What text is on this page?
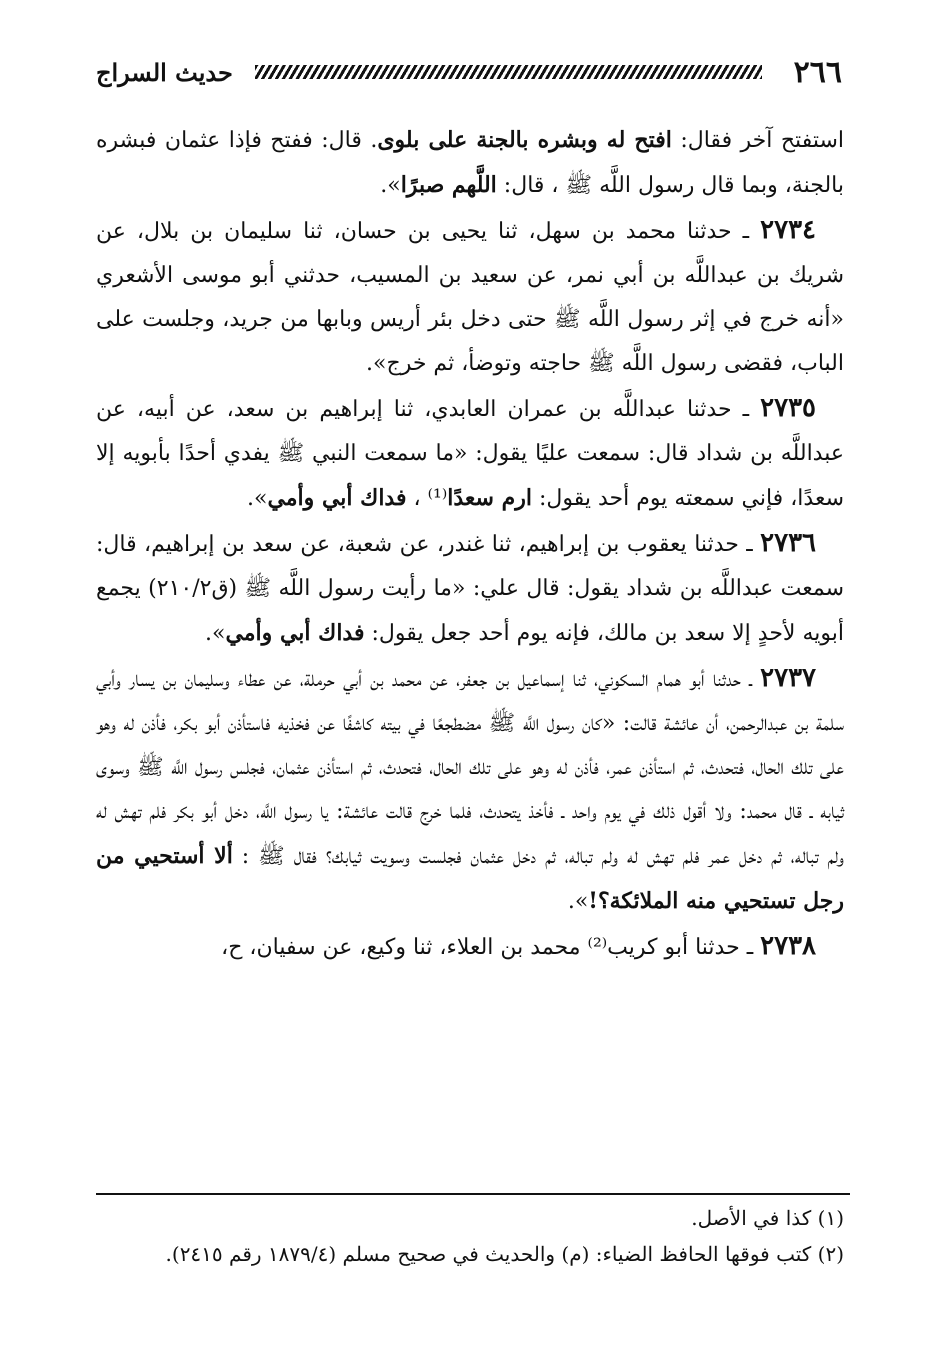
٢٦٦
حديث السراج

استفتح آخر فقال: افتح له وبشره بالجنة على بلوى. قال: ففتح فإذا عثمان فبشره بالجنة، وبما قال رسول اللَّه ﷺ ، قال: اللَّهم صبرًا».

٢٧٣٤ ـ حدثنا محمد بن سهل، ثنا يحيى بن حسان، ثنا سليمان بن بلال، عن شريك بن عبداللَّه بن أبي نمر، عن سعيد بن المسيب، حدثني أبو موسى الأشعري «أنه خرج في إثر رسول اللَّه ﷺ حتى دخل بئر أريس وبابها من جريد، وجلست على الباب، فقضى رسول اللَّه ﷺ حاجته وتوضأ، ثم خرج».

٢٧٣٥ ـ حدثنا عبداللَّه بن عمران العابدي، ثنا إبراهيم بن سعد، عن أبيه، عن عبداللَّه بن شداد قال: سمعت عليًا يقول: «ما سمعت النبي ﷺ يفدي أحدًا بأبويه إلا سعدًا، فإني سمعته يوم أحد يقول: ارم سعدًا⁽¹⁾ ، فداك أبي وأمي».

٢٧٣٦ ـ حدثنا يعقوب بن إبراهيم، ثنا غندر، عن شعبة، عن سعد بن إبراهيم، قال: سمعت عبداللَّه بن شداد يقول: قال علي: «ما رأيت رسول اللَّه ﷺ (ق٢١٠/٢) يجمع أبويه لأحدٍ إلا سعد بن مالك، فإنه يوم أحد جعل يقول: فداك أبي وأمي».

٢٧٣٧ ـ حدثنا أبو همام السكوني، ثنا إسماعيل بن جعفر، عن محمد بن أبي حرملة، عن عطاء وسليمان بن يسار وأبي سلمة بن عبدالرحمن، أن عائشة قالت: «كان رسول اللَّه ﷺ مضطجعًا في بيته كاشفًا عن فخذيه فاستأذن أبو بكر، فأذن له وهو على تلك الحال، فتحدث، ثم استأذن عمر، فأذن له وهو على تلك الحال، فتحدث، ثم استأذن عثمان، فجلس رسول اللَّه ﷺ وسوى ثيابه ـ قال محمد: ولا أقول ذلك في يوم واحد ـ فأخذ يتحدث، فلما خرج قالت عائشة: يا رسول اللَّه، دخل أبو بكر فلم تهش له ولم تباله، ثم دخل عمر فلم تهش له ولم تباله، ثم دخل عثمان فجلست وسويت ثيابك؟ فقال ﷺ : ألا أستحيي من رجل تستحيي منه الملائكة؟!».

٢٧٣٨ ـ حدثنا أبو كريب⁽²⁾ محمد بن العلاء، ثنا وكيع، عن سفيان، ح،

(١) كذا في الأصل.
(٢) كتب فوقها الحافظ الضياء: (م) والحديث في صحيح مسلم (١٨٧٩/٤ رقم ٢٤١٥).
